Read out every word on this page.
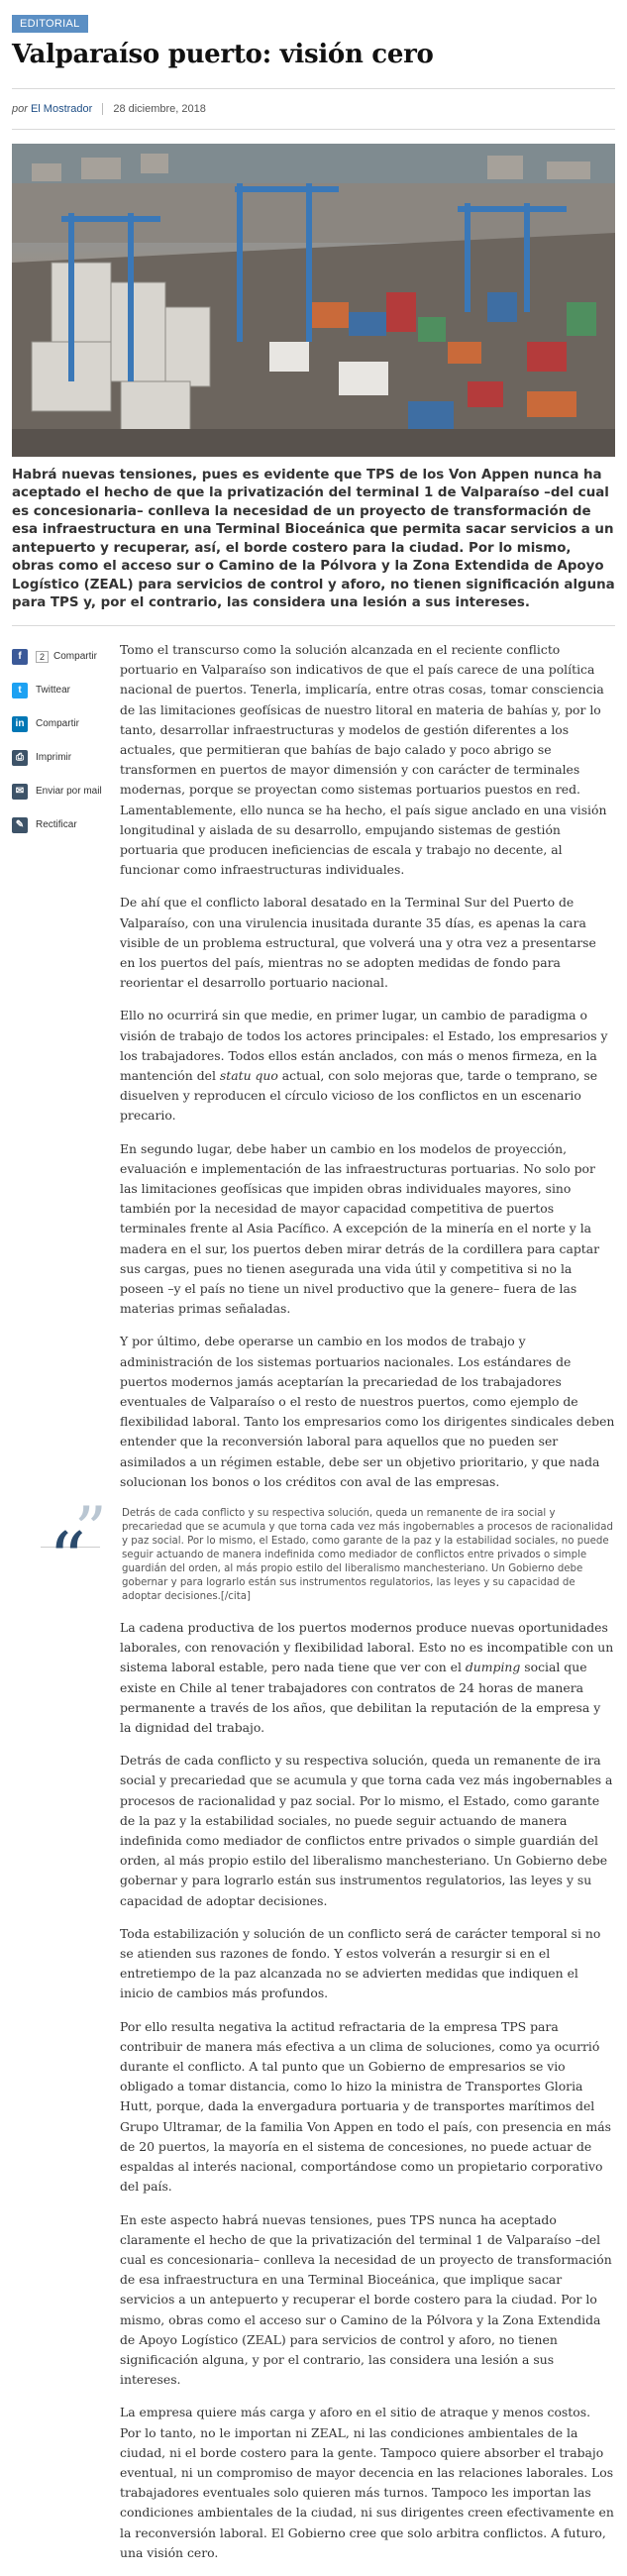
EDITORIAL
Valparaíso puerto: visión cero
por El Mostrador 28 diciembre, 2018

Habrá nuevas tensiones, pues es evidente que TPS de los Von Appen nunca ha aceptado el hecho de que la privatización del terminal 1 de Valparaíso –del cual es concesionaria– conlleva la necesidad de un proyecto de transformación de esa infraestructura en una Terminal Bioceánica que permita sacar servicios a un antepuerto y recuperar, así, el borde costero para la ciudad. Por lo mismo, obras como el acceso sur o Camino de la Pólvora y la Zona Extendida de Apoyo Logístico (ZEAL) para servicios de control y aforo, no tienen significación alguna para TPS y, por el contrario, las considera una lesión a sus intereses.

f	2 Compartir
t	Twittear
in	Compartir
⎙	Imprimir
✉	Enviar por mail
✎	Rectificar

Tomo el transcurso como la solución alcanzada en el reciente conflicto portuario en Valparaíso son indicativos de que el país carece de una política nacional de puertos. Tenerla, implicaría, entre otras cosas, tomar consciencia de las limitaciones geofísicas de nuestro litoral en materia de bahías y, por lo tanto, desarrollar infraestructuras y modelos de gestión diferentes a los actuales, que permitieran que bahías de bajo calado y poco abrigo se transformen en puertos de mayor dimensión y con carácter de terminales modernas, porque se proyectan como sistemas portuarios puestos en red. Lamentablemente, ello nunca se ha hecho, el país sigue anclado en una visión longitudinal y aislada de su desarrollo, empujando sistemas de gestión portuaria que producen ineficiencias de escala y trabajo no decente, al funcionar como infraestructuras individuales.

De ahí que el conflicto laboral desatado en la Terminal Sur del Puerto de Valparaíso, con una virulencia inusitada durante 35 días, es apenas la cara visible de un problema estructural, que volverá una y otra vez a presentarse en los puertos del país, mientras no se adopten medidas de fondo para reorientar el desarrollo portuario nacional.

Ello no ocurrirá sin que medie, en primer lugar, un cambio de paradigma o visión de trabajo de todos los actores principales: el Estado, los empresarios y los trabajadores. Todos ellos están anclados, con más o menos firmeza, en la mantención del statu quo actual, con solo mejoras que, tarde o temprano, se disuelven y reproducen el círculo vicioso de los conflictos en un escenario precario.

En segundo lugar, debe haber un cambio en los modelos de proyección, evaluación e implementación de las infraestructuras portuarias. No solo por las limitaciones geofísicas que impiden obras individuales mayores, sino también por la necesidad de mayor capacidad competitiva de puertos terminales frente al Asia Pacífico. A excepción de la minería en el norte y la madera en el sur, los puertos deben mirar detrás de la cordillera para captar sus cargas, pues no tienen asegurada una vida útil y competitiva si no la poseen –y el país no tiene un nivel productivo que la genere– fuera de las materias primas señaladas.

Y por último, debe operarse un cambio en los modos de trabajo y administración de los sistemas portuarios nacionales. Los estándares de puertos modernos jamás aceptarían la precariedad de los trabajadores eventuales de Valparaíso o el resto de nuestros puertos, como ejemplo de flexibilidad laboral. Tanto los empresarios como los dirigentes sindicales deben entender que la reconversión laboral para aquellos que no pueden ser asimilados a un régimen estable, debe ser un objetivo prioritario, y que nada solucionan los bonos o los créditos con aval de las empresas.

”
“
Detrás de cada conflicto y su respectiva solución, queda un remanente de ira social y precariedad que se acumula y que torna cada vez más ingobernables a procesos de racionalidad y paz social. Por lo mismo, el Estado, como garante de la paz y la estabilidad sociales, no puede seguir actuando de manera indefinida como mediador de conflictos entre privados o simple guardián del orden, al más propio estilo del liberalismo manchesteriano. Un Gobierno debe gobernar y para lograrlo están sus instrumentos regulatorios, las leyes y su capacidad de adoptar decisiones.[/cita]

La cadena productiva de los puertos modernos produce nuevas oportunidades laborales, con renovación y flexibilidad laboral. Esto no es incompatible con un sistema laboral estable, pero nada tiene que ver con el dumping social que existe en Chile al tener trabajadores con contratos de 24 horas de manera permanente a través de los años, que debilitan la reputación de la empresa y la dignidad del trabajo.

Detrás de cada conflicto y su respectiva solución, queda un remanente de ira social y precariedad que se acumula y que torna cada vez más ingobernables a procesos de racionalidad y paz social. Por lo mismo, el Estado, como garante de la paz y la estabilidad sociales, no puede seguir actuando de manera indefinida como mediador de conflictos entre privados o simple guardián del orden, al más propio estilo del liberalismo manchesteriano. Un Gobierno debe gobernar y para lograrlo están sus instrumentos regulatorios, las leyes y su capacidad de adoptar decisiones.

Toda estabilización y solución de un conflicto será de carácter temporal si no se atienden sus razones de fondo. Y estos volverán a resurgir si en el entretiempo de la paz alcanzada no se advierten medidas que indiquen el inicio de cambios más profundos.

Por ello resulta negativa la actitud refractaria de la empresa TPS para contribuir de manera más efectiva a un clima de soluciones, como ya ocurrió durante el conflicto. A tal punto que un Gobierno de empresarios se vio obligado a tomar distancia, como lo hizo la ministra de Transportes Gloria Hutt, porque, dada la envergadura portuaria y de transportes marítimos del Grupo Ultramar, de la familia Von Appen en todo el país, con presencia en más de 20 puertos, la mayoría en el sistema de concesiones, no puede actuar de espaldas al interés nacional, comportándose como un propietario corporativo del país.

En este aspecto habrá nuevas tensiones, pues TPS nunca ha aceptado claramente el hecho de que la privatización del terminal 1 de Valparaíso –del cual es concesionaria– conlleva la necesidad de un proyecto de transformación de esa infraestructura en una Terminal Bioceánica, que implique sacar servicios a un antepuerto y recuperar el borde costero para la ciudad. Por lo mismo, obras como el acceso sur o Camino de la Pólvora y la Zona Extendida de Apoyo Logístico (ZEAL) para servicios de control y aforo, no tienen significación alguna, y por el contrario, las considera una lesión a sus intereses.

La empresa quiere más carga y aforo en el sitio de atraque y menos costos. Por lo tanto, no le importan ni ZEAL, ni las condiciones ambientales de la ciudad, ni el borde costero para la gente. Tampoco quiere absorber el trabajo eventual, ni un compromiso de mayor decencia en las relaciones laborales. Los trabajadores eventuales solo quieren más turnos. Tampoco les importan las condiciones ambientales de la ciudad, ni sus dirigentes creen efectivamente en la reconversión laboral. El Gobierno cree que solo arbitra conflictos. A futuro, una visión cero.
